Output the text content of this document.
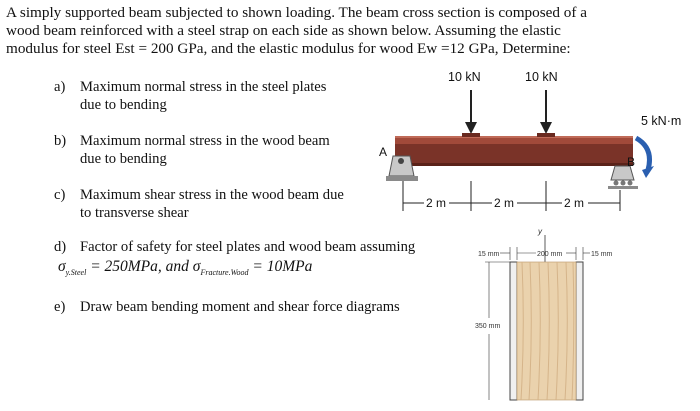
A simply supported beam subjected to shown loading. The beam cross section is composed of a

wood beam reinforced with a steel strap on each side as shown below. Assuming the elastic

modulus for steel Est = 200 GPa, and the elastic modulus for wood Ew =12 GPa, Determine:

a) Maximum normal stress in the steel plates
due to bending
b) Maximum normal stress in the wood beam
due to bending
c) Maximum shear stress in the wood beam due
to transverse shear
d) Factor of safety for steel plates and wood beam assuming
$\sigma_{y.Steel} = 250MPa$, and $\sigma_{Fracture.Wood} = 10MPa$
e) Draw beam bending moment and shear force diagrams
10 kN	10 kN
A
B
5 kN·m
2 m	2 m	2 m
y
15 mm	200 mm	15 mm
350 mm
